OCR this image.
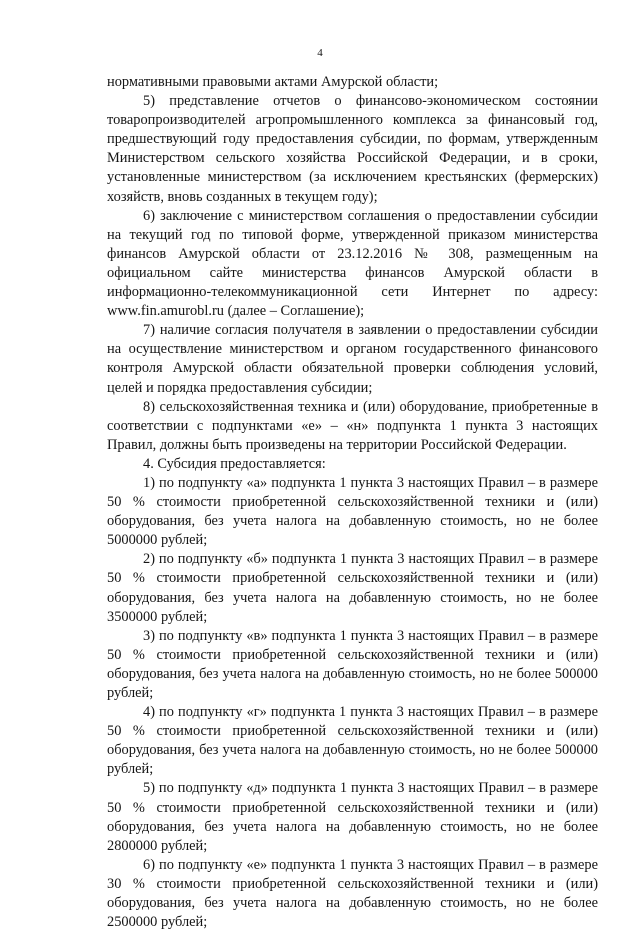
4

нормативными правовыми актами Амурской области;

5) представление отчетов о финансово-экономическом состоянии товаропроизводителей агропромышленного комплекса за финансовый год, предшествующий году предоставления субсидии, по формам, утвержденным Министерством сельского хозяйства Российской Федерации, и в сроки, установленные министерством (за исключением крестьянских (фермерских) хозяйств, вновь созданных в текущем году);

6) заключение с министерством соглашения о предоставлении субсидии на текущий год по типовой форме, утвержденной приказом министерства финансов Амурской области от 23.12.2016 № 308, размещенным на официальном сайте министерства финансов Амурской области в информационно-телекоммуникационной сети Интернет по адресу: www.fin.amurobl.ru (далее – Соглашение);

7) наличие согласия получателя в заявлении о предоставлении субсидии на осуществление министерством и органом государственного финансового контроля Амурской области обязательной проверки соблюдения условий, целей и порядка предоставления субсидии;

8) сельскохозяйственная техника и (или) оборудование, приобретенные в соответствии с подпунктами «е» – «н» подпункта 1 пункта 3 настоящих Правил, должны быть произведены на территории Российской Федерации.

4. Субсидия предоставляется:

1) по подпункту «а» подпункта 1 пункта 3 настоящих Правил – в размере 50 % стоимости приобретенной сельскохозяйственной техники и (или) оборудования, без учета налога на добавленную стоимость, но не более 5000000 рублей;

2) по подпункту «б» подпункта 1 пункта 3 настоящих Правил – в размере 50 % стоимости приобретенной сельскохозяйственной техники и (или) оборудования, без учета налога на добавленную стоимость, но не более 3500000 рублей;

3) по подпункту «в» подпункта 1 пункта 3 настоящих Правил – в размере 50 % стоимости приобретенной сельскохозяйственной техники и (или) оборудования, без учета налога на добавленную стоимость, но не более 500000 рублей;

4) по подпункту «г» подпункта 1 пункта 3 настоящих Правил – в размере 50 % стоимости приобретенной сельскохозяйственной техники и (или) оборудования, без учета налога на добавленную стоимость, но не более 500000 рублей;

5) по подпункту «д» подпункта 1 пункта 3 настоящих Правил – в размере 50 % стоимости приобретенной сельскохозяйственной техники и (или) оборудования, без учета налога на добавленную стоимость, но не более 2800000 рублей;

6) по подпункту «е» подпункта 1 пункта 3 настоящих Правил – в размере 30 % стоимости приобретенной сельскохозяйственной техники и (или) оборудования, без учета налога на добавленную стоимость, но не более 2500000 рублей;
